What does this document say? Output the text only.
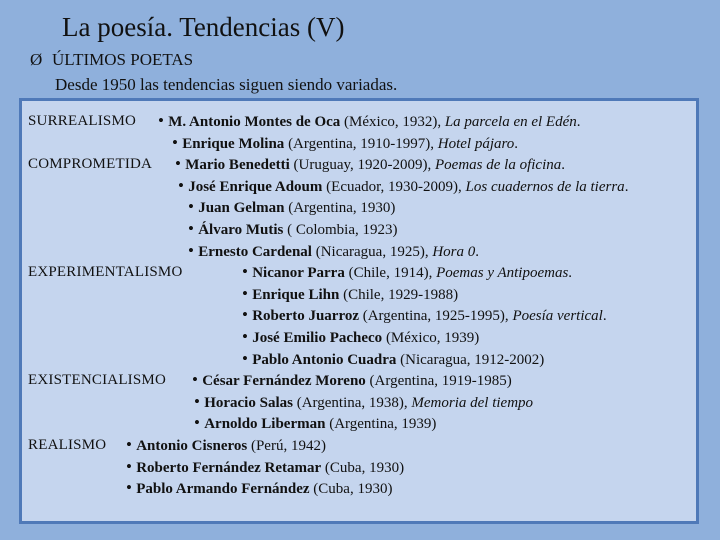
La poesía. Tendencias (V)
Ø ÚLTIMOS POETAS
Desde 1950 las tendencias siguen siendo variadas.
SURREALISMO • M. Antonio Montes de Oca (México, 1932), La parcela en el Edén.
• Enrique Molina (Argentina, 1910-1997), Hotel pájaro.
COMPROMETIDA • Mario Benedetti (Uruguay, 1920-2009), Poemas de la oficina.
• José Enrique Adoum (Ecuador, 1930-2009), Los cuadernos de la tierra.
• Juan Gelman (Argentina, 1930)
• Álvaro Mutis ( Colombia, 1923)
• Ernesto Cardenal (Nicaragua, 1925), Hora 0.
EXPERIMENTALISMO	• Nicanor Parra (Chile, 1914), Poemas y Antipoemas.
• Enrique Lihn (Chile, 1929-1988)
• Roberto Juarroz (Argentina, 1925-1995), Poesía vertical.
• José Emilio Pacheco (México, 1939)
• Pablo Antonio Cuadra (Nicaragua, 1912-2002)
EXISTENCIALISMO • César Fernández Moreno (Argentina, 1919-1985)
• Horacio Salas (Argentina, 1938), Memoria del tiempo
• Arnoldo Liberman (Argentina, 1939)
REALISMO • Antonio Cisneros (Perú, 1942)
• Roberto Fernández Retamar (Cuba, 1930)
• Pablo Armando Fernández (Cuba, 1930)
